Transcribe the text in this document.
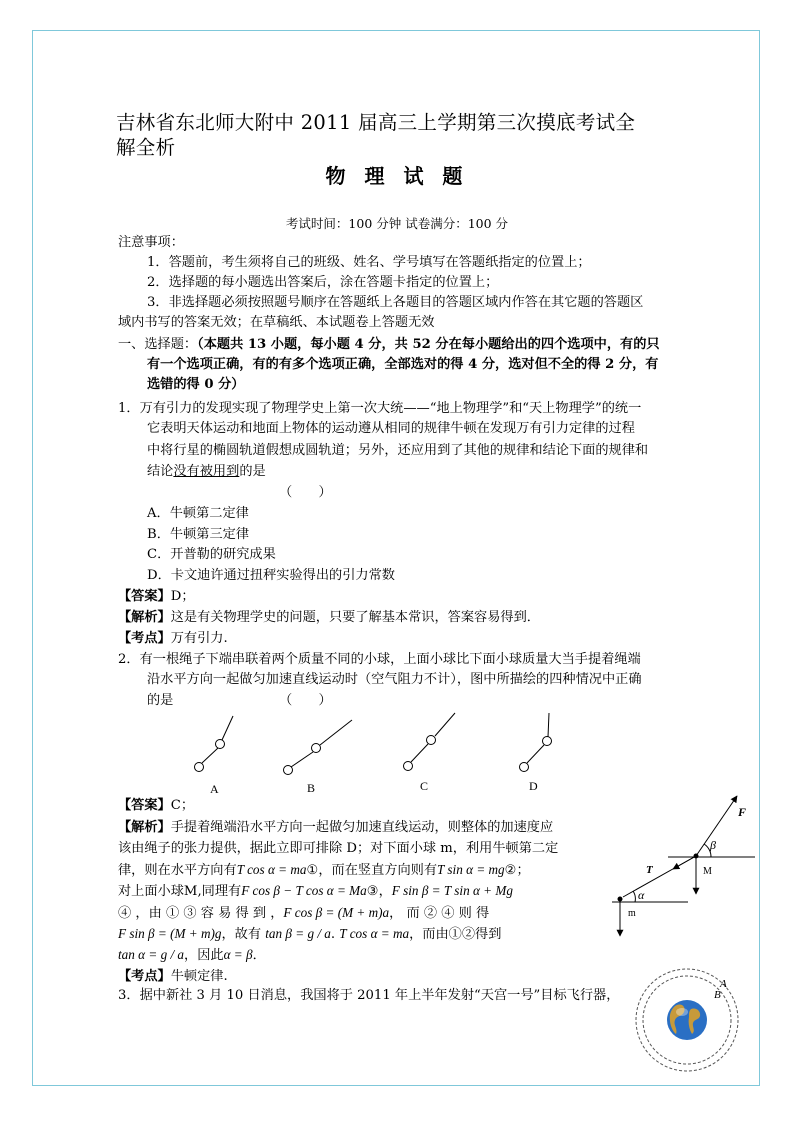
吉林省东北师大附中 2011 届高三上学期第三次摸底考试全
解全析
物 理 试 题
考试时间：100 分钟 试卷满分：100 分
注意事项：
1．答题前，考生须将自己的班级、姓名、学号填写在答题纸指定的位置上；
2．选择题的每小题选出答案后，涂在答题卡指定的位置上；
3．非选择题必须按照题号顺序在答题纸上各题目的答题区域内作答在其它题的答题区
域内书写的答案无效；在草稿纸、本试题卷上答题无效
一、选择题：（本题共 13 小题，每小题 4 分，共 52 分在每小题给出的四个选项中，有的只
有一个选项正确，有的有多个选项正确，全部选对的得 4 分，选对但不全的得 2 分，有
选错的得 0 分）
1．万有引力的发现实现了物理学史上第一次大统——“地上物理学”和“天上物理学”的统一
它表明天体运动和地面上物体的运动遵从相同的规律牛顿在发现万有引力定律的过程
中将行星的椭圆轨道假想成圆轨道；另外，还应用到了其他的规律和结论下面的规律和
结论没有被用到的是
（　　）
A．牛顿第二定律
B．牛顿第三定律
C．开普勒的研究成果
D．卡文迪许通过扭秤实验得出的引力常数
【答案】D；
【解析】这是有关物理学史的问题，只要了解基本常识，答案容易得到．
【考点】万有引力.
2．有一根绳子下端串联着两个质量不同的小球，上面小球比下面小球质量大当手提着绳端
沿水平方向一起做匀加速直线运动时（空气阻力不计），图中所描绘的四种情况中正确
的是	（　　）
A	B	C	D
【答案】C；
【解析】手提着绳端沿水平方向一起做匀加速直线运动，则整体的加速度应
该由绳子的张力提供，据此立即可排除 D；对下面小球 m，利用牛顿第二定
律，则在水平方向有T cos α = ma①，而在竖直方向则有T sin α = mg②；
对上面小球M,同理有F cos β − T cos α = Ma③，F sin β = T sin α + Mg
④ ，由 ① ③ 容 易 得 到 ，F cos β = (M + m)a， 而 ② ④ 则 得
F sin β = (M + m)g，故有 tan β = g / a. T cos α = ma，而由①②得到
tan α = g / a，因此α = β．
【考点】牛顿定律.
F
β
T	M
α
m
3．据中新社 3 月 10 日消息，我国将于 2011 年上半年发射“天宫一号”目标飞行器，
A
B
